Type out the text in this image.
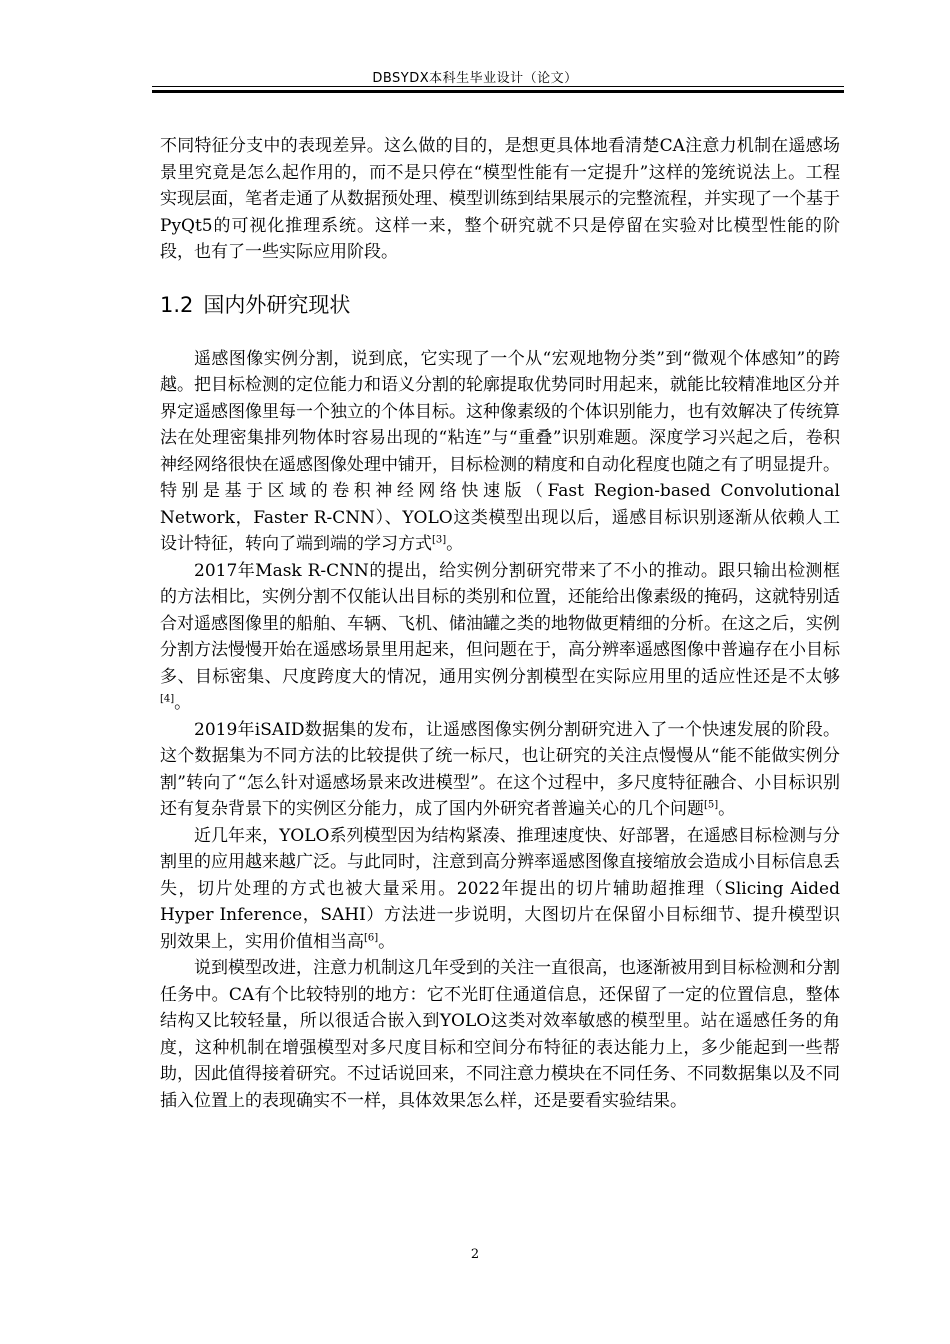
DBSYDX本科生毕业设计（论文）

不同特征分支中的表现差异。这么做的目的，是想更具体地看清楚CA注意力机制在遥感场景里究竟是怎么起作用的，而不是只停在“模型性能有一定提升”这样的笼统说法上。工程实现层面，笔者走通了从数据预处理、模型训练到结果展示的完整流程，并实现了一个基于PyQt5的可视化推理系统。这样一来，整个研究就不只是停留在实验对比模型性能的阶段，也有了一些实际应用阶段。

1.2 国内外研究现状

遥感图像实例分割，说到底，它实现了一个从“宏观地物分类”到“微观个体感知”的跨越。把目标检测的定位能力和语义分割的轮廓提取优势同时用起来，就能比较精准地区分并界定遥感图像里每一个独立的个体目标。这种像素级的个体识别能力，也有效解决了传统算法在处理密集排列物体时容易出现的“粘连”与“重叠”识别难题。深度学习兴起之后，卷积神经网络很快在遥感图像处理中铺开，目标检测的精度和自动化程度也随之有了明显提升。特别是基于区域的卷积神经网络快速版（Fast Region-based Convolutional Network，Faster R-CNN）、YOLO这类模型出现以后，遥感目标识别逐渐从依赖人工设计特征，转向了端到端的学习方式[3]。

2017年Mask R-CNN的提出，给实例分割研究带来了不小的推动。跟只输出检测框的方法相比，实例分割不仅能认出目标的类别和位置，还能给出像素级的掩码，这就特别适合对遥感图像里的船舶、车辆、飞机、储油罐之类的地物做更精细的分析。在这之后，实例分割方法慢慢开始在遥感场景里用起来，但问题在于，高分辨率遥感图像中普遍存在小目标多、目标密集、尺度跨度大的情况，通用实例分割模型在实际应用里的适应性还是不太够[4]。

2019年iSAID数据集的发布，让遥感图像实例分割研究进入了一个快速发展的阶段。这个数据集为不同方法的比较提供了统一标尺，也让研究的关注点慢慢从“能不能做实例分割”转向了“怎么针对遥感场景来改进模型”。在这个过程中，多尺度特征融合、小目标识别还有复杂背景下的实例区分能力，成了国内外研究者普遍关心的几个问题[5]。

近几年来，YOLO系列模型因为结构紧凑、推理速度快、好部署，在遥感目标检测与分割里的应用越来越广泛。与此同时，注意到高分辨率遥感图像直接缩放会造成小目标信息丢失，切片处理的方式也被大量采用。2022年提出的切片辅助超推理（Slicing Aided Hyper Inference，SAHI）方法进一步说明，大图切片在保留小目标细节、提升模型识别效果上，实用价值相当高[6]。

说到模型改进，注意力机制这几年受到的关注一直很高，也逐渐被用到目标检测和分割任务中。CA有个比较特别的地方：它不光盯住通道信息，还保留了一定的位置信息，整体结构又比较轻量，所以很适合嵌入到YOLO这类对效率敏感的模型里。站在遥感任务的角度，这种机制在增强模型对多尺度目标和空间分布特征的表达能力上，多少能起到一些帮助，因此值得接着研究。不过话说回来，不同注意力模块在不同任务、不同数据集以及不同插入位置上的表现确实不一样，具体效果怎么样，还是要看实验结果。

2
